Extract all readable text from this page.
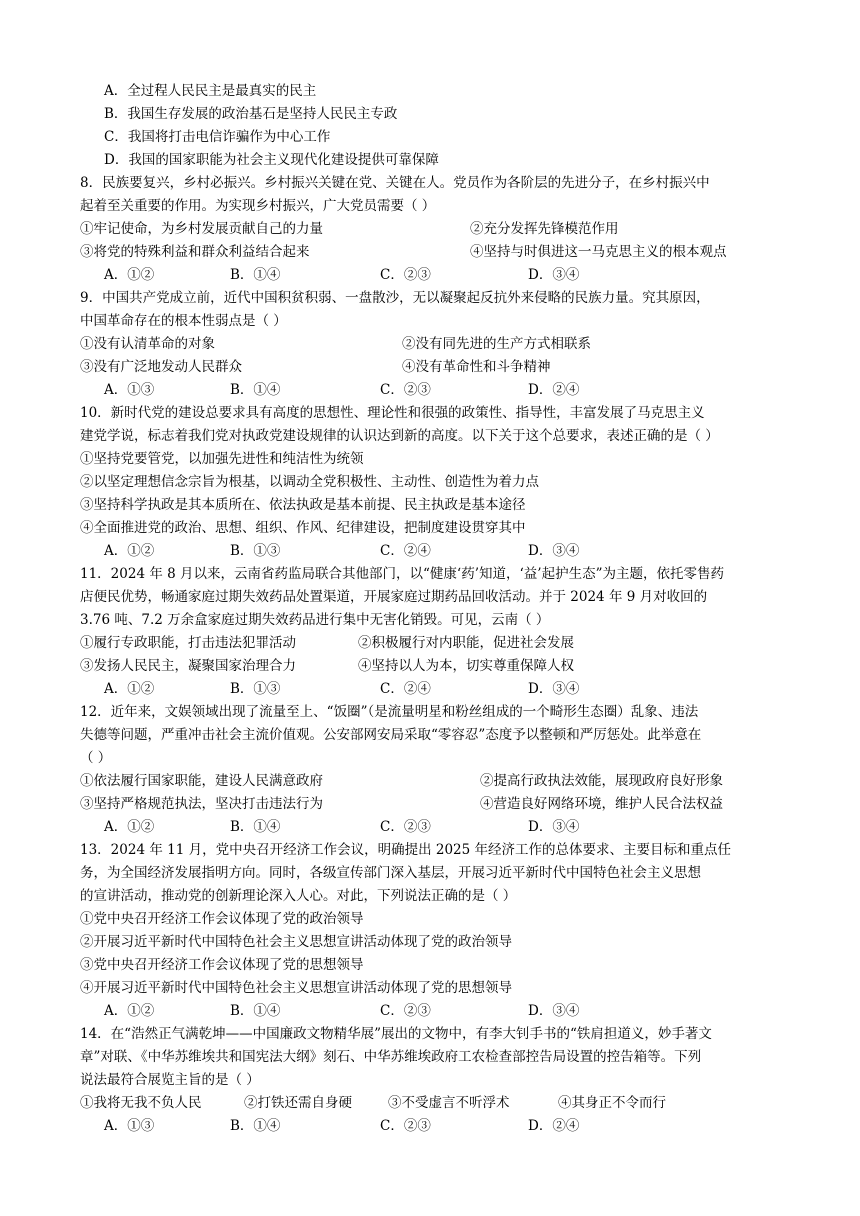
A．全过程人民民主是最真实的民主
B．我国生存发展的政治基石是坚持人民民主专政
C．我国将打击电信诈骗作为中心工作
D．我国的国家职能为社会主义现代化建设提供可靠保障
8．民族要复兴，乡村必振兴。乡村振兴关键在党、关键在人。党员作为各阶层的先进分子，在乡村振兴中
起着至关重要的作用。为实现乡村振兴，广大党员需要（ ）
①牢记使命，为乡村发展贡献自己的力量	②充分发挥先锋模范作用
③将党的特殊利益和群众利益结合起来	④坚持与时俱进这一马克思主义的根本观点
A．①②	B．①④	C．②③	D．③④
9．中国共产党成立前，近代中国积贫积弱、一盘散沙，无以凝聚起反抗外来侵略的民族力量。究其原因，
中国革命存在的根本性弱点是（ ）
①没有认清革命的对象	②没有同先进的生产方式相联系
③没有广泛地发动人民群众	④没有革命性和斗争精神
A．①③	B．①④	C．②③	D．②④
10．新时代党的建设总要求具有高度的思想性、理论性和很强的政策性、指导性，丰富发展了马克思主义
建党学说，标志着我们党对执政党建设规律的认识达到新的高度。以下关于这个总要求，表述正确的是（ ）
①坚持党要管党，以加强先进性和纯洁性为统领
②以坚定理想信念宗旨为根基，以调动全党积极性、主动性、创造性为着力点
③坚持科学执政是其本质所在、依法执政是基本前提、民主执政是基本途径
④全面推进党的政治、思想、组织、作风、纪律建设，把制度建设贯穿其中
A．①②	B．①③	C．②④	D．③④
11．2024 年 8 月以来，云南省药监局联合其他部门，以“健康‘药’知道，‘益’起护生态”为主题，依托零售药
店便民优势，畅通家庭过期失效药品处置渠道，开展家庭过期药品回收活动。并于 2024 年 9 月对收回的
3.76 吨、7.2 万余盒家庭过期失效药品进行集中无害化销毁。可见，云南（ ）
①履行专政职能，打击违法犯罪活动	②积极履行对内职能，促进社会发展
③发扬人民民主，凝聚国家治理合力	④坚持以人为本，切实尊重保障人权
A．①②	B．①③	C．②④	D．③④
12．近年来，文娱领域出现了流量至上、“饭圈”（是流量明星和粉丝组成的一个畸形生态圈）乱象、违法
失德等问题，严重冲击社会主流价值观。公安部网安局采取“零容忍”态度予以整顿和严厉惩处。此举意在
（ ）
①依法履行国家职能，建设人民满意政府	②提高行政执法效能，展现政府良好形象
③坚持严格规范执法，坚决打击违法行为	④营造良好网络环境，维护人民合法权益
A．①②	B．①④	C．②③	D．③④
13．2024 年 11 月，党中央召开经济工作会议，明确提出 2025 年经济工作的总体要求、主要目标和重点任
务，为全国经济发展指明方向。同时，各级宣传部门深入基层，开展习近平新时代中国特色社会主义思想
的宣讲活动，推动党的创新理论深入人心。对此，下列说法正确的是（ ）
①党中央召开经济工作会议体现了党的政治领导
②开展习近平新时代中国特色社会主义思想宣讲活动体现了党的政治领导
③党中央召开经济工作会议体现了党的思想领导
④开展习近平新时代中国特色社会主义思想宣讲活动体现了党的思想领导
A．①②	B．①④	C．②③	D．③④
14．在“浩然正气满乾坤——中国廉政文物精华展”展出的文物中，有李大钊手书的“铁肩担道义，妙手著文
章”对联、《中华苏维埃共和国宪法大纲》刻石、中华苏维埃政府工农检查部控告局设置的控告箱等。下列
说法最符合展览主旨的是（ ）
①我将无我不负人民	②打铁还需自身硬	③不受虚言不听浮术	④其身正不令而行
A．①③	B．①④	C．②③	D．②④
